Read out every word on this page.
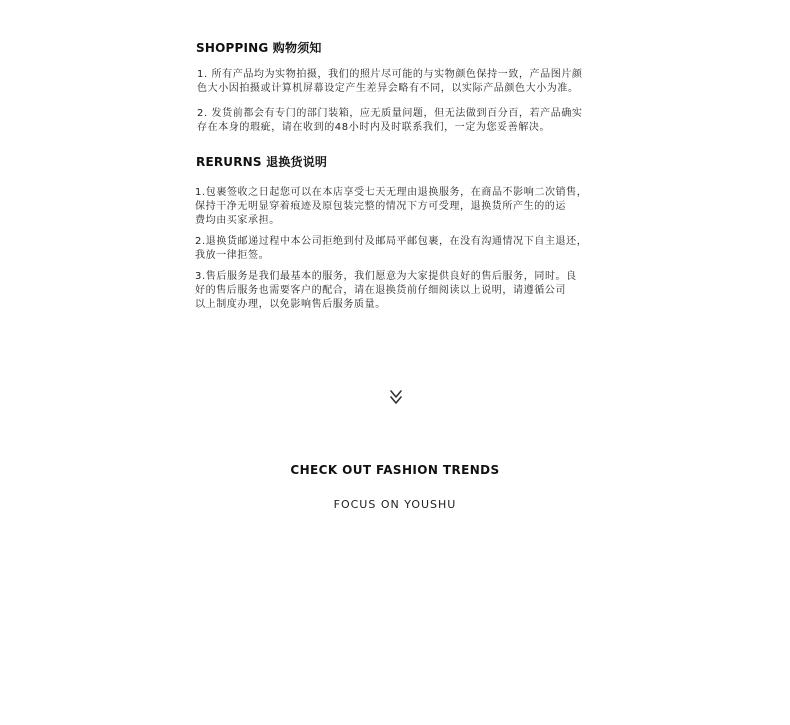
SHOPPING 购物须知
1. 所有产品均为实物拍摄，我们的照片尽可能的与实物颜色保持一致，产品图片颜
色大小因拍摄或计算机屏幕设定产生差异会略有不同，以实际产品颜色大小为准。
2. 发货前都会有专门的部门装箱，应无质量问题，但无法做到百分百，若产品确实
存在本身的瑕疵，请在收到的48小时内及时联系我们，一定为您妥善解决。
RERURNS 退换货说明
1.包裹签收之日起您可以在本店享受七天无理由退换服务，在商品不影响二次销售，
保持干净无明显穿着痕迹及原包装完整的情况下方可受理，退换货所产生的的运
费均由买家承担。
2.退换货邮递过程中本公司拒绝到付及邮局平邮包裹，在没有沟通情况下自主退还，
我放一律拒签。
3.售后服务是我们最基本的服务，我们愿意为大家提供良好的售后服务，同时。良
好的售后服务也需要客户的配合，请在退换货前仔细阅读以上说明，请遵循公司
以上制度办理，以免影响售后服务质量。
CHECK OUT FASHION TRENDS
FOCUS ON YOUSHU
